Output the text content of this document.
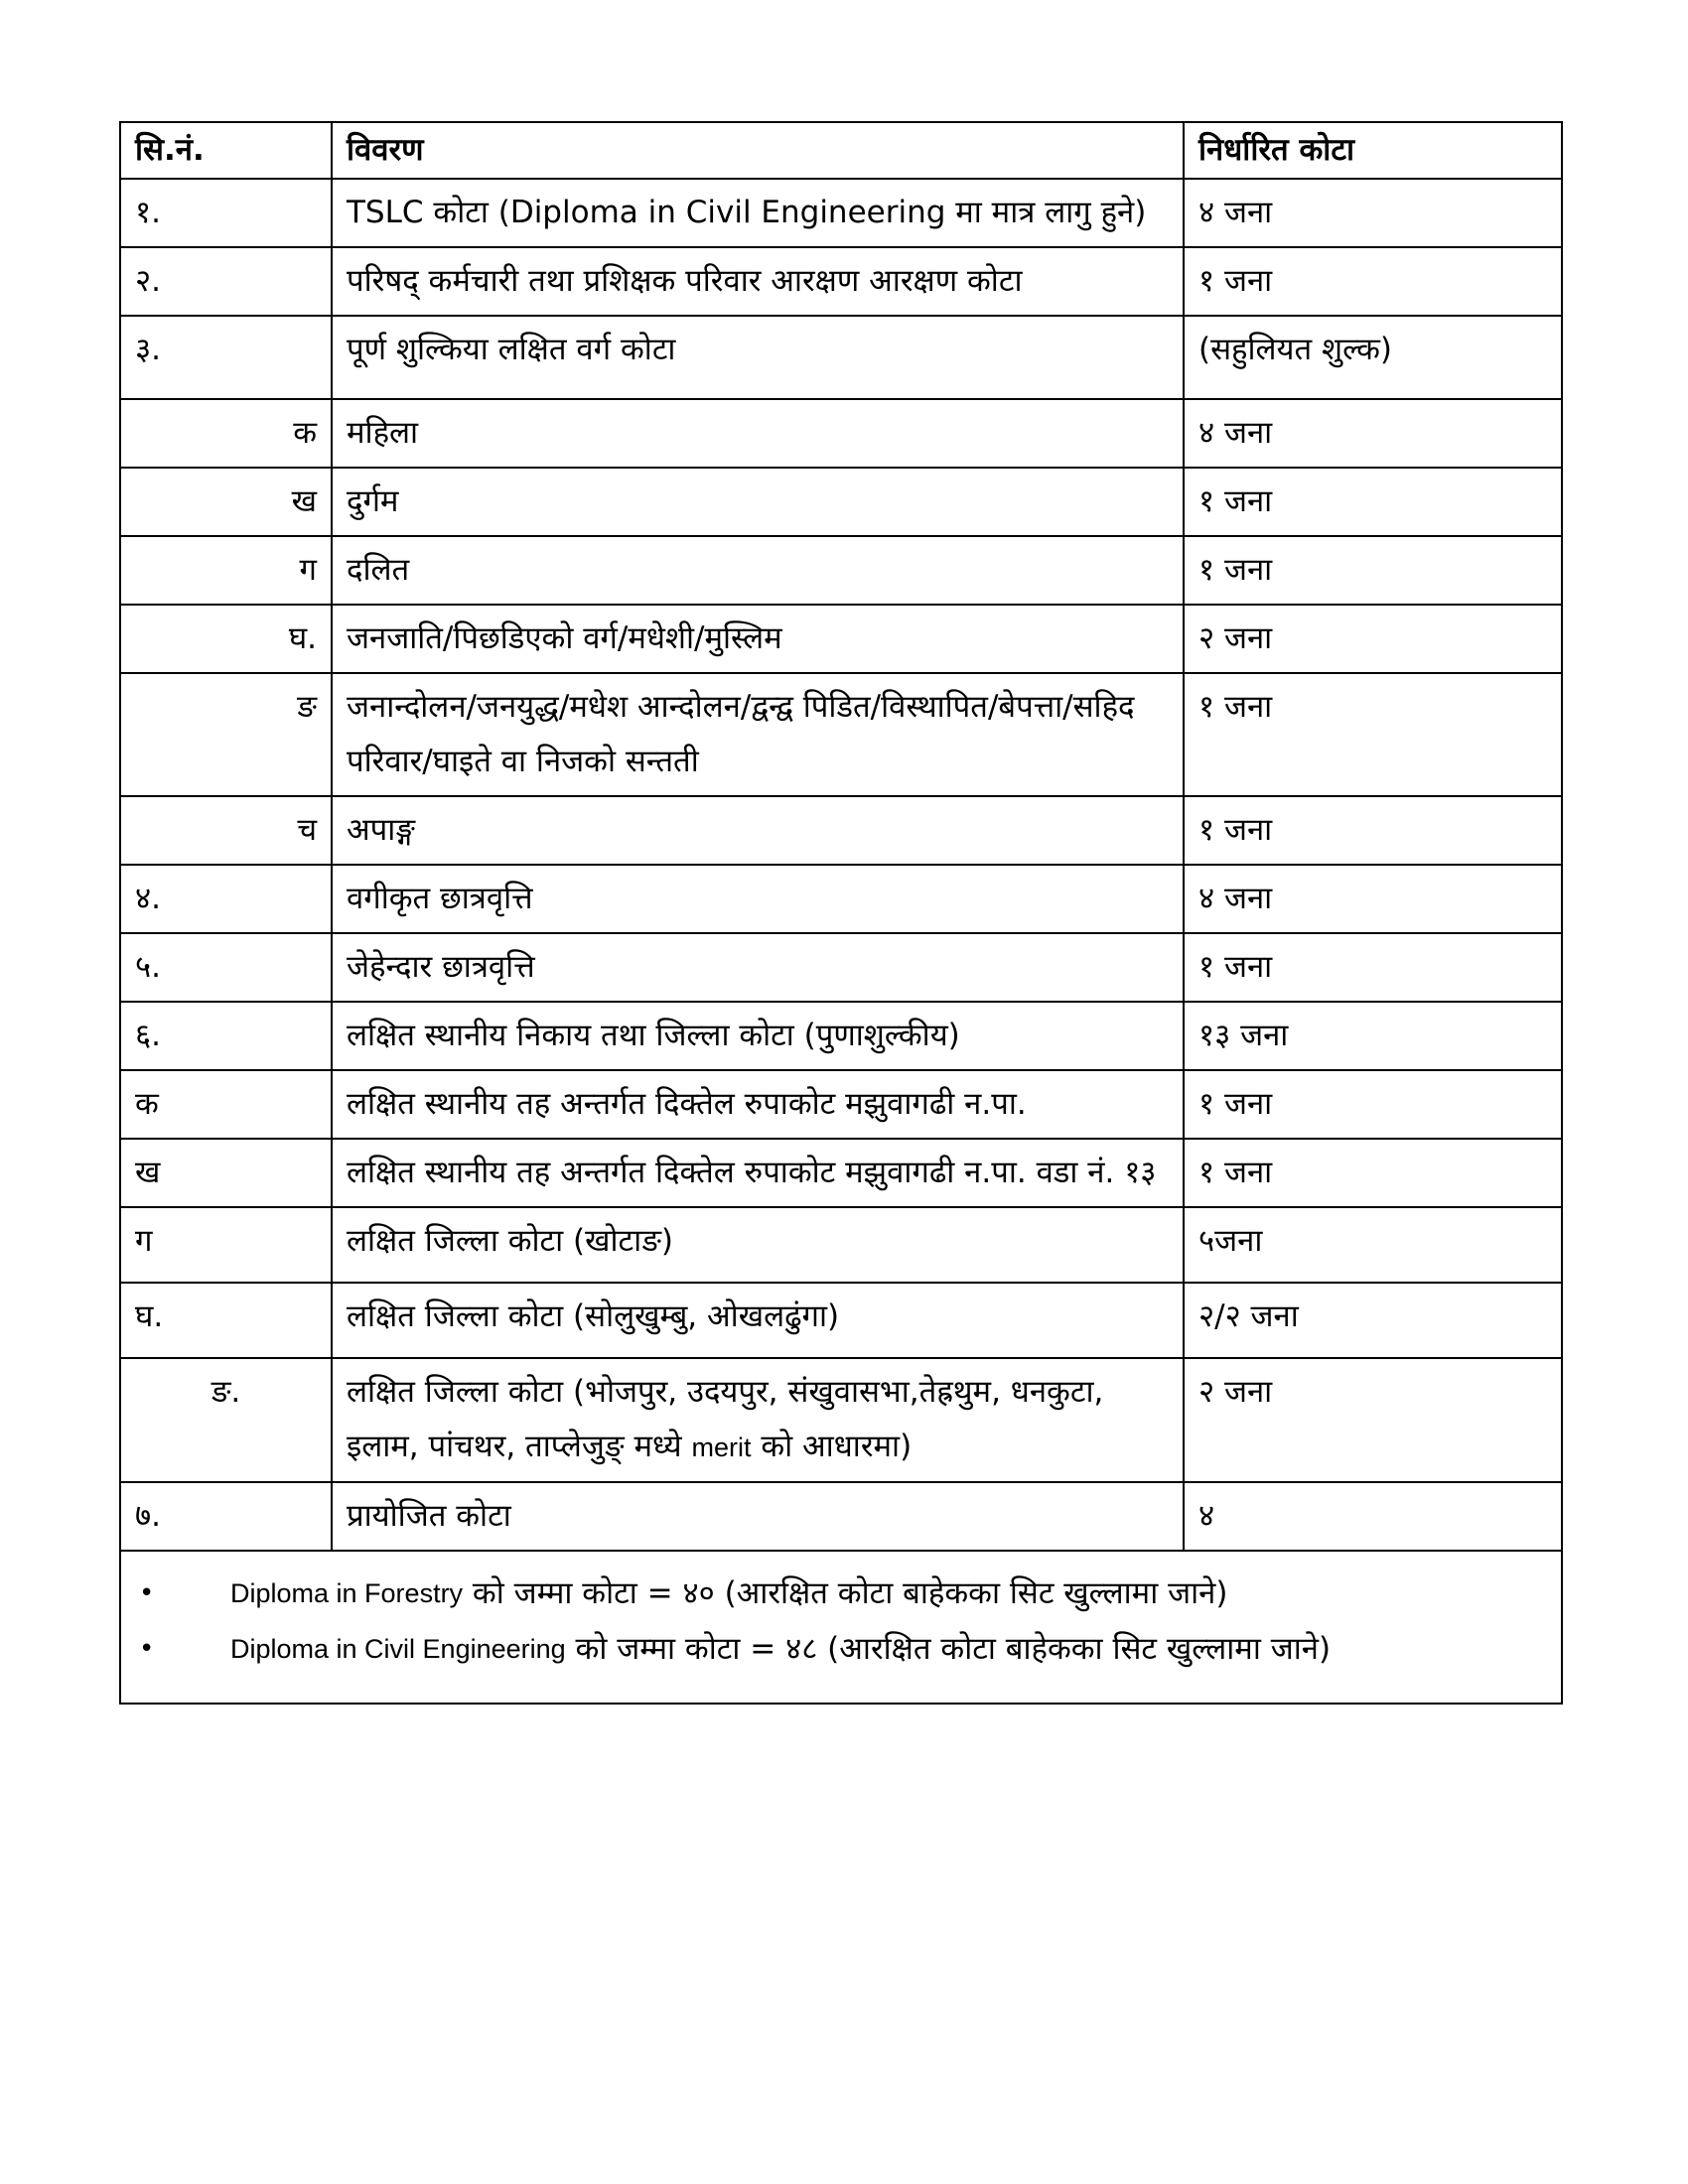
सि.नं.	विवरण	निर्धारित कोटा
१.	TSLC कोटा (Diploma in Civil Engineering मा मात्र लागु हुने)	४ जना
२.	परिषद् कर्मचारी तथा प्रशिक्षक परिवार आरक्षण आरक्षण कोटा	१ जना
३.	पूर्ण शुल्किया लक्षित वर्ग कोटा	(सहुलियत शुल्क)
क	महिला	४ जना
ख	दुर्गम	१ जना
ग	दलित	१ जना
घ.	जनजाति/पिछडिएको वर्ग/मधेशी/मुस्लिम	२ जना
ङ	जनान्दोलन/जनयुद्ध/मधेश आन्दोलन/द्वन्द्व पिडित/विस्थापित/बेपत्ता/सहिद परिवार/घाइते वा निजको सन्तती	१ जना
च	अपाङ्ग	१ जना
४.	वगीकृत छात्रवृत्ति	४ जना
५.	जेहेन्दार छात्रवृत्ति	१ जना
६.	लक्षित स्थानीय निकाय तथा जिल्ला कोटा (पुणाशुल्कीय)	१३ जना
क	लक्षित स्थानीय तह अन्तर्गत दिक्तेल रुपाकोट मझुवागढी न.पा.	१ जना
ख	लक्षित स्थानीय तह अन्तर्गत दिक्तेल रुपाकोट मझुवागढी न.पा. वडा नं. १३	१ जना
ग	लक्षित जिल्ला कोटा (खोटाङ)	५जना
घ.	लक्षित जिल्ला कोटा (सोलुखुम्बु, ओखलढुंगा)	२/२ जना
ङ.	लक्षित जिल्ला कोटा (भोजपुर, उदयपुर, संखुवासभा,तेह्रथुम, धनकुटा, इलाम, पांचथर, ताप्लेजुङ् मध्ये merit को आधारमा)	२ जना
७.	प्रायोजित कोटा	४
•	Diploma in Forestry को जम्मा कोटा = ४० (आरक्षित कोटा बाहेकका सिट खुल्लामा जाने)
•	Diploma in Civil Engineering को जम्मा कोटा = ४८ (आरक्षित कोटा बाहेकका सिट खुल्लामा जाने)
